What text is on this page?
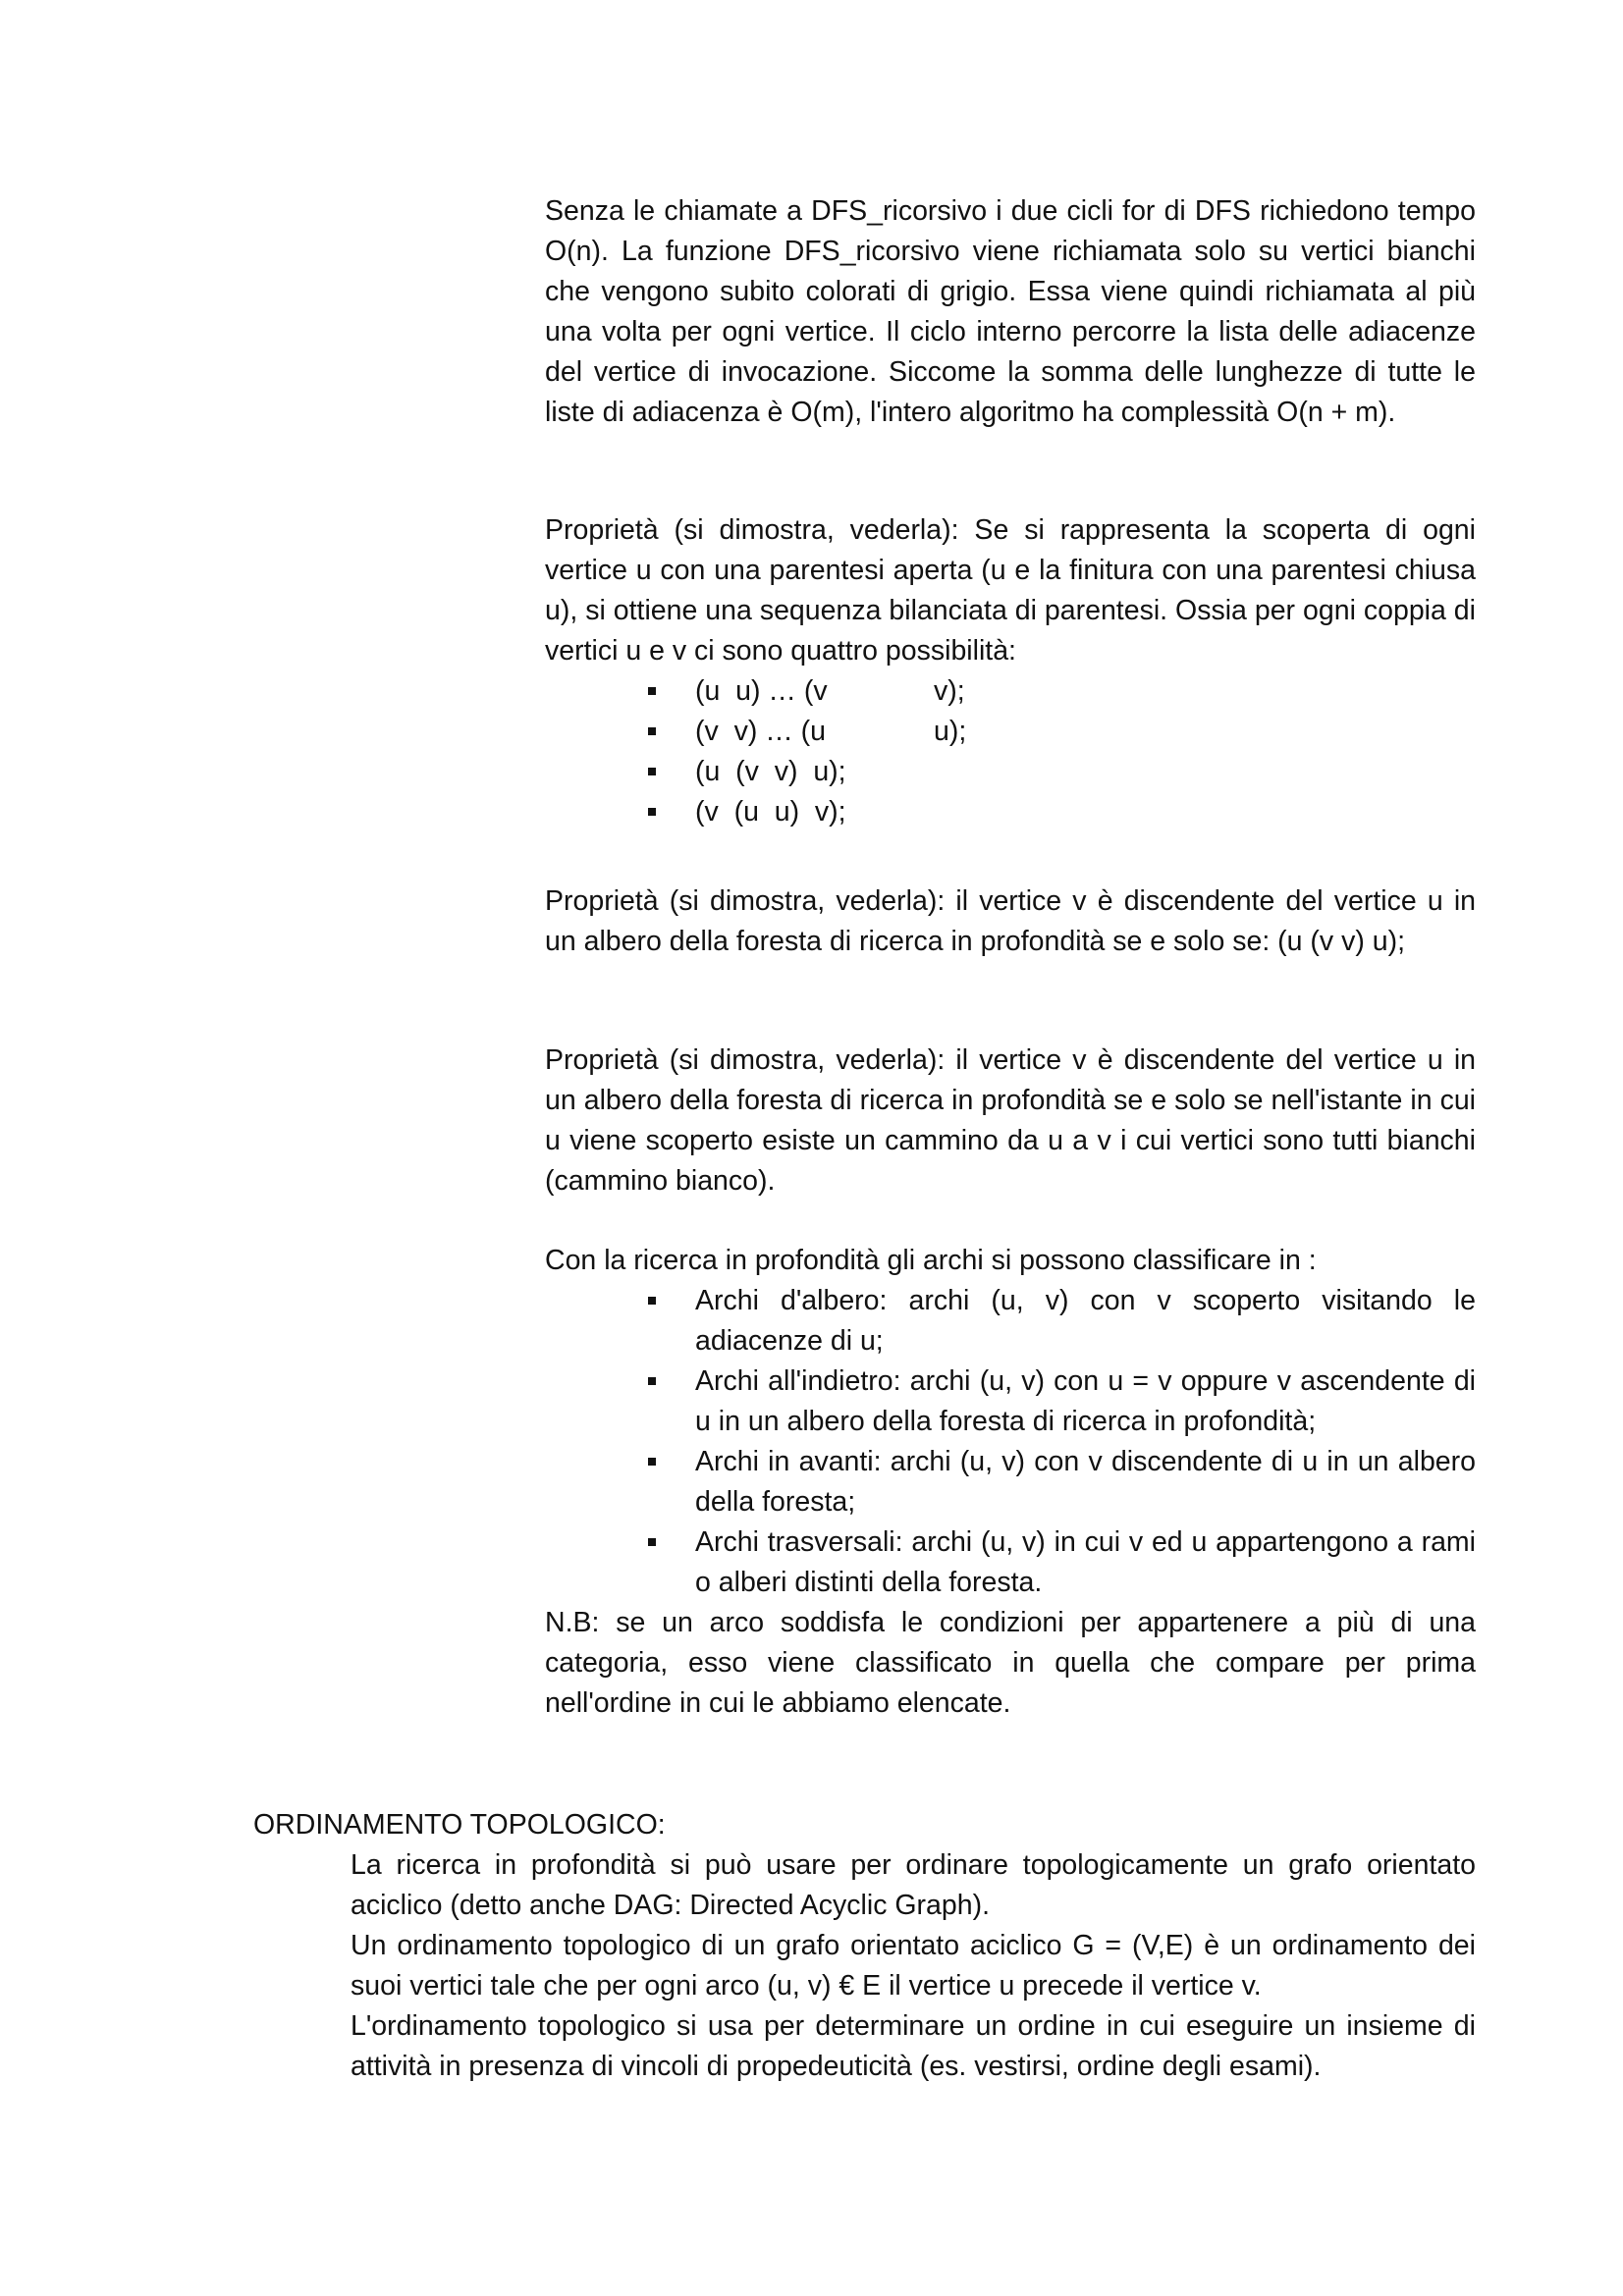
Senza le chiamate a DFS_ricorsivo i due cicli for di DFS richiedono tempo O(n). La funzione DFS_ricorsivo viene richiamata solo su vertici bianchi che vengono subito colorati di grigio. Essa viene quindi richiamata al più una volta per ogni vertice. Il ciclo interno percorre la lista delle adiacenze del vertice di invocazione. Siccome la somma delle lunghezze di tutte le liste di adiacenza è O(m), l'intero algoritmo ha complessità O(n + m).

Proprietà (si dimostra, vederla): Se si rappresenta la scoperta di ogni vertice u con una parentesi aperta (u e la finitura con una parentesi chiusa u), si ottiene una sequenza bilanciata di parentesi. Ossia per ogni coppia di vertici u e v ci sono quattro possibilità:

(u  u) … (v	v);
(v  v) … (u	u);
(u  (v  v)  u);
(v  (u  u)  v);

Proprietà (si dimostra, vederla): il vertice v è discendente del vertice u in un albero della foresta di ricerca in profondità se e solo se: (u (v v) u);

Proprietà (si dimostra, vederla): il vertice v è discendente del vertice u in un albero della foresta di ricerca in profondità se e solo se nell'istante in cui u viene scoperto esiste un cammino da u a v i cui vertici sono tutti bianchi (cammino bianco).

Con la ricerca in profondità gli archi si possono classificare in :

Archi d'albero: archi (u, v) con v scoperto visitando le adiacenze di u;
Archi all'indietro: archi (u, v) con u = v oppure v ascendente di u in un albero della foresta di ricerca in profondità;
Archi in avanti: archi (u, v) con v discendente di u in un albero della foresta;
Archi trasversali: archi (u, v) in cui v ed u appartengono a rami o alberi distinti della foresta.

N.B: se un arco soddisfa le condizioni per appartenere a più di una categoria, esso viene classificato in quella che compare per prima nell'ordine in cui le abbiamo elencate.

ORDINAMENTO TOPOLOGICO:

La ricerca in profondità si può usare per ordinare topologicamente un grafo orientato aciclico (detto anche DAG: Directed Acyclic Graph).

Un ordinamento topologico di un grafo orientato aciclico G = (V,E) è un ordinamento dei suoi vertici tale che per ogni arco (u, v) € E il vertice u precede il vertice v.

L'ordinamento topologico si usa per determinare un ordine in cui eseguire un insieme di attività in presenza di vincoli di propedeuticità (es. vestirsi, ordine degli esami).
